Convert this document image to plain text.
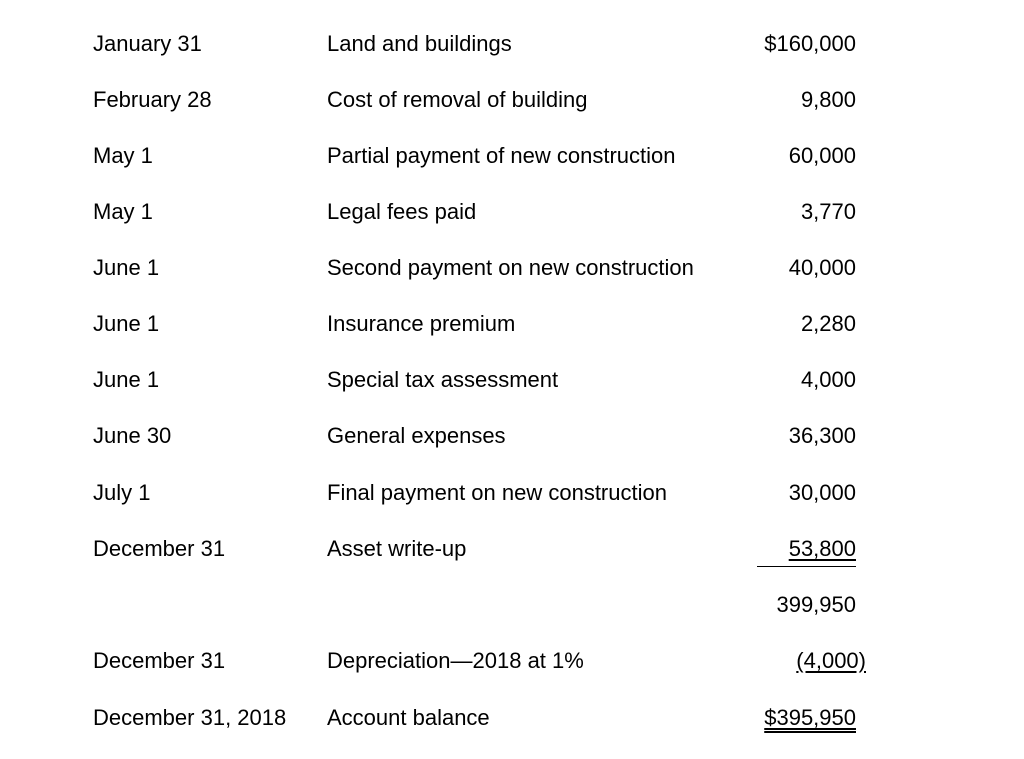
January 31	Land and buildings	$160,000
February 28	Cost of removal of building	9,800
May 1	Partial payment of new construction	60,000
May 1	Legal fees paid	3,770
June 1	Second payment on new construction	40,000
June 1	Insurance premium	2,280
June 1	Special tax assessment	4,000
June 30	General expenses	36,300
July 1	Final payment on new construction	30,000
December 31	Asset write-up	53,800
399,950
December 31	Depreciation—2018 at 1%	(4,000)
December 31, 2018 Account balance	$395,950
